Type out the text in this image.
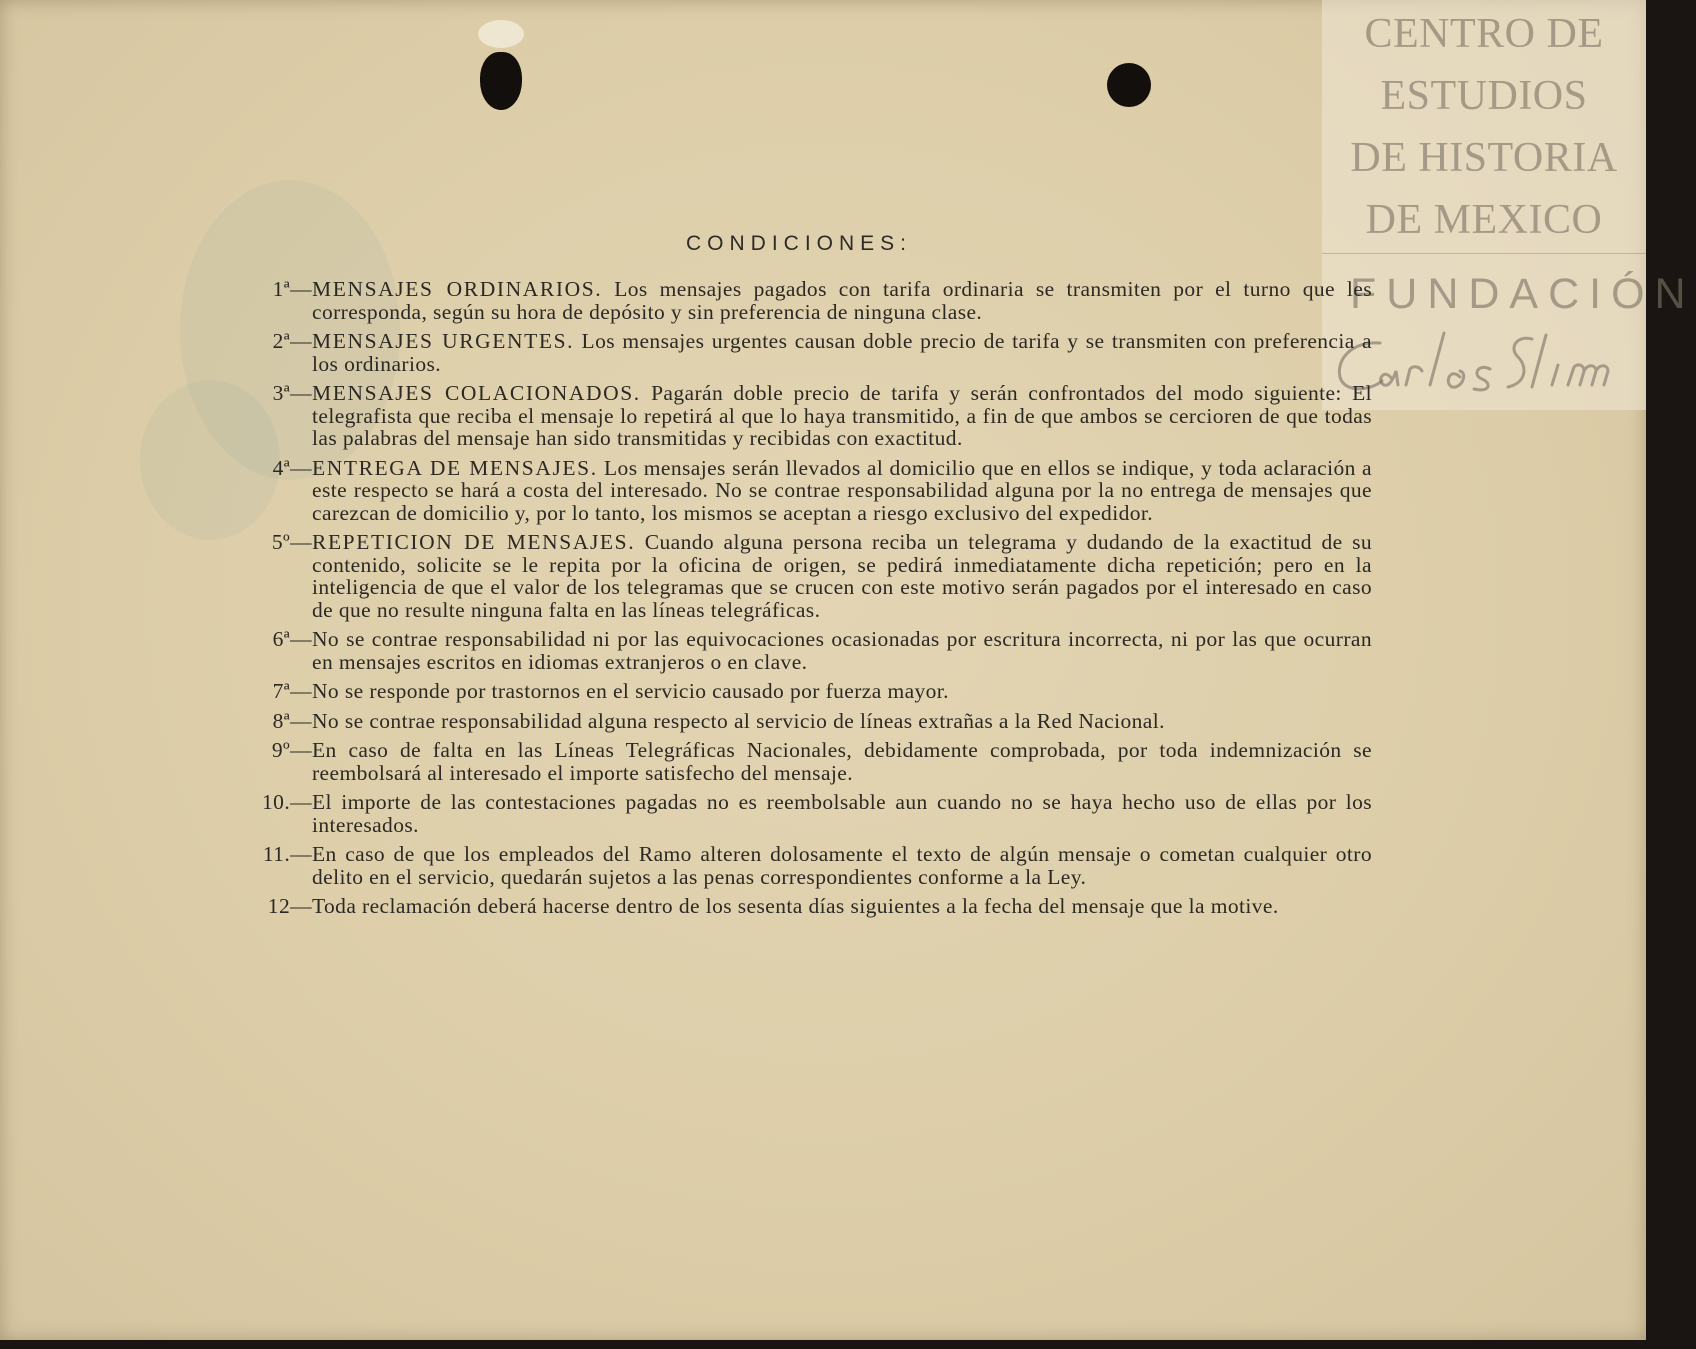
CENTRO DE
ESTUDIOS
DE HISTORIA
DE MEXICO
FUNDACIÓN
CONDICIONES:
1ª— MENSAJES ORDINARIOS. Los mensajes pagados con tarifa ordinaria se transmiten por el turno que les corresponda, según su hora de depósito y sin preferencia de ninguna clase.
2ª— MENSAJES URGENTES. Los mensajes urgentes causan doble precio de tarifa y se transmiten con preferencia a los ordinarios.
3ª— MENSAJES COLACIONADOS. Pagarán doble precio de tarifa y serán confrontados del modo siguiente: El telegrafista que reciba el mensaje lo repetirá al que lo haya transmitido, a fin de que ambos se cercioren de que todas las palabras del mensaje han sido transmitidas y recibidas con exactitud.
4ª— ENTREGA DE MENSAJES. Los mensajes serán llevados al domicilio que en ellos se indique, y toda aclaración a este respecto se hará a costa del interesado. No se contrae responsabilidad alguna por la no entrega de mensajes que carezcan de domicilio y, por lo tanto, los mismos se aceptan a riesgo exclusivo del expedidor.
5º— REPETICION DE MENSAJES. Cuando alguna persona reciba un telegrama y dudando de la exactitud de su contenido, solicite se le repita por la oficina de origen, se pedirá inmediatamente dicha repetición; pero en la inteligencia de que el valor de los telegramas que se crucen con este motivo serán pagados por el interesado en caso de que no resulte ninguna falta en las líneas telegráficas.
6ª— No se contrae responsabilidad ni por las equivocaciones ocasionadas por escritura incorrecta, ni por las que ocurran en mensajes escritos en idiomas extranjeros o en clave.
7ª— No se responde por trastornos en el servicio causado por fuerza mayor.
8ª— No se contrae responsabilidad alguna respecto al servicio de líneas extrañas a la Red Nacional.
9º— En caso de falta en las Líneas Telegráficas Nacionales, debidamente comprobada, por toda indemnización se reembolsará al interesado el importe satisfecho del mensaje.
10.— El importe de las contestaciones pagadas no es reembolsable aun cuando no se haya hecho uso de ellas por los interesados.
11.— En caso de que los empleados del Ramo alteren dolosamente el texto de algún mensaje o cometan cualquier otro delito en el servicio, quedarán sujetos a las penas correspondientes conforme a la Ley.
12— Toda reclamación deberá hacerse dentro de los sesenta días siguientes a la fecha del mensaje que la motive.
